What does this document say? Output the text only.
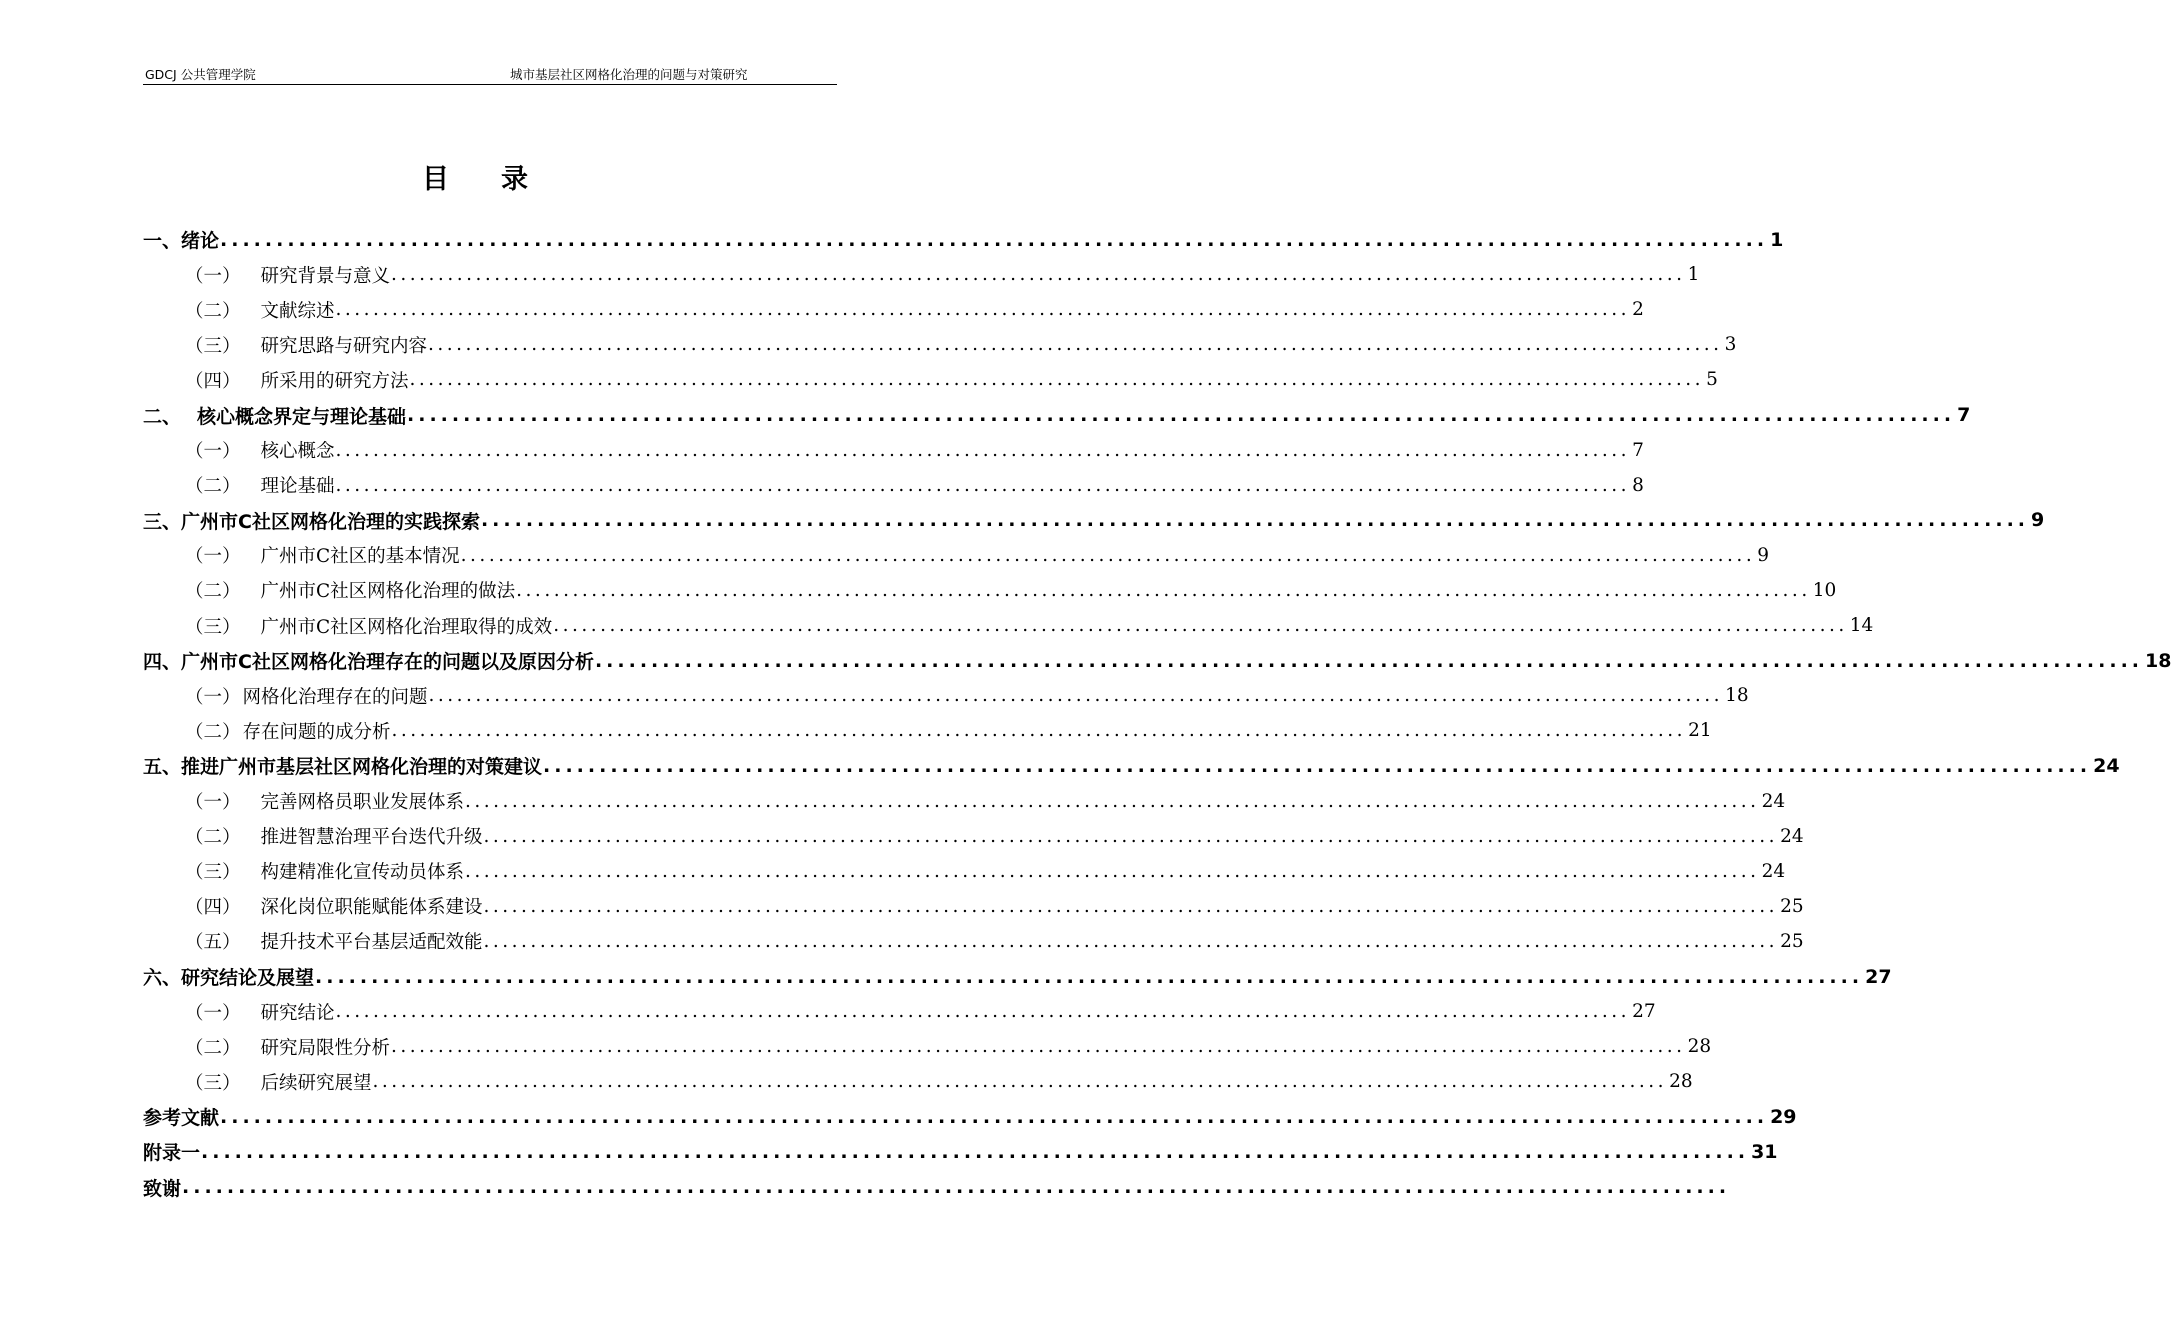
GDCJ 公共管理学院	城市基层社区网格化治理的问题与对策研究
目录
一、 绪论 .......................................................................................................................................... 1
（一） 研究背景与意义 .......................................................................................................................................... 1
（二） 文献综述 .......................................................................................................................................... 2
（三） 研究思路与研究内容 .......................................................................................................................................... 3
（四） 所采用的研究方法 .......................................................................................................................................... 5
二、 核心概念界定与理论基础 .......................................................................................................................................... 7
（一） 核心概念 .......................................................................................................................................... 7
（二） 理论基础 .......................................................................................................................................... 8
三、 广州市C社区网格化治理的实践探索 .......................................................................................................................................... 9
（一） 广州市C社区的基本情况 .......................................................................................................................................... 9
（二） 广州市C社区网格化治理的做法 .......................................................................................................................................... 10
（三） 广州市C社区网格化治理取得的成效 .......................................................................................................................................... 14
四、 广州市C社区网格化治理存在的问题以及原因分析 .......................................................................................................................................... 18
（一） 网格化治理存在的问题 .......................................................................................................................................... 18
（二） 存在问题的成分析 .......................................................................................................................................... 21
五、 推进广州市基层社区网格化治理的对策建议 .......................................................................................................................................... 24
（一） 完善网格员职业发展体系 .......................................................................................................................................... 24
（二） 推进智慧治理平台迭代升级 .......................................................................................................................................... 24
（三） 构建精准化宣传动员体系 .......................................................................................................................................... 24
（四） 深化岗位职能赋能体系建设 .......................................................................................................................................... 25
（五） 提升技术平台基层适配效能 .......................................................................................................................................... 25
六、 研究结论及展望 .......................................................................................................................................... 27
（一） 研究结论 .......................................................................................................................................... 27
（二） 研究局限性分析 .......................................................................................................................................... 28
（三） 后续研究展望 .......................................................................................................................................... 28
参考文献 .......................................................................................................................................... 29
附录一 .......................................................................................................................................... 31
致谢 ..........................................................................................................................................
